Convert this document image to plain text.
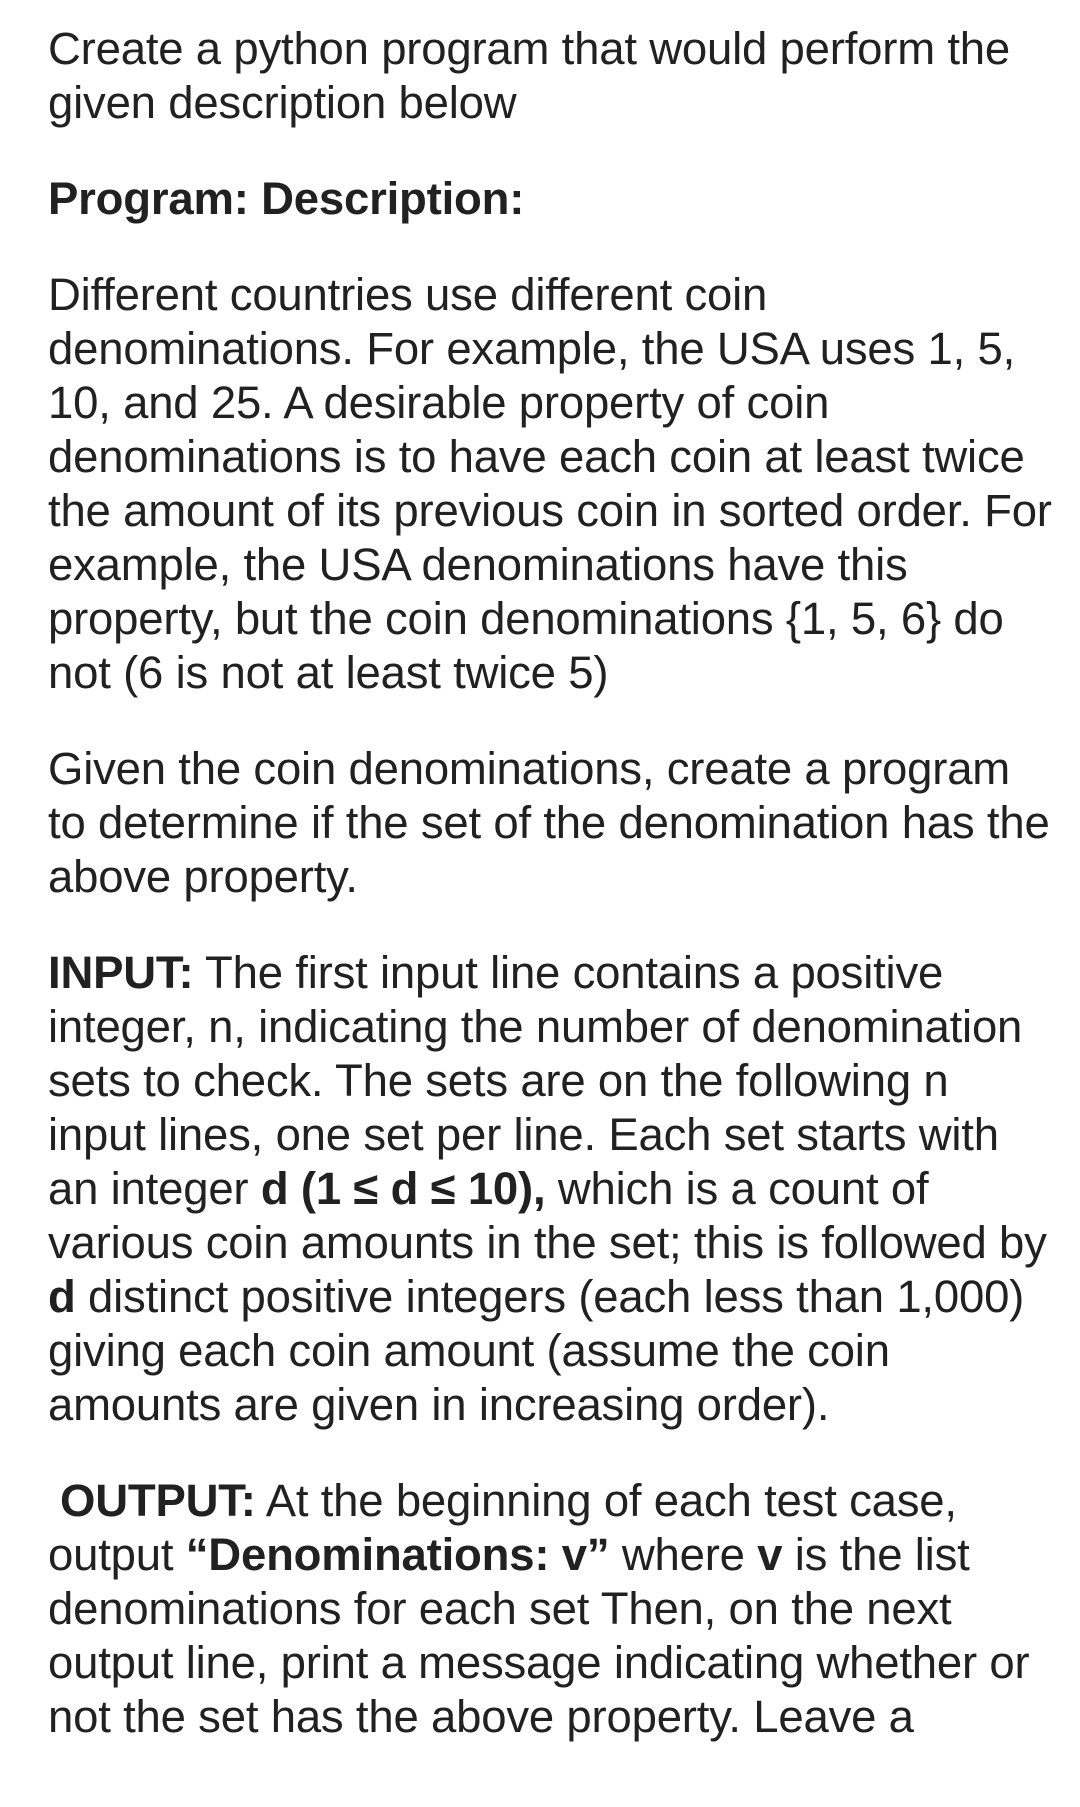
Create a python program that would perform the given description below

Program: Description:

Different countries use different coin denominations. For example, the USA uses 1, 5, 10, and 25. A desirable property of coin denominations is to have each coin at least twice the amount of its previous coin in sorted order. For example, the USA denominations have this property, but the coin denominations {1, 5, 6} do not (6 is not at least twice 5)

Given the coin denominations, create a program to determine if the set of the denomination has the above property.

INPUT: The first input line contains a positive integer, n, indicating the number of denomination sets to check. The sets are on the following n input lines, one set per line. Each set starts with an integer d (1 ≤ d ≤ 10), which is a count of various coin amounts in the set; this is followed by d distinct positive integers (each less than 1,000) giving each coin amount (assume the coin amounts are given in increasing order).

OUTPUT: At the beginning of each test case, output “Denominations: v” where v is the list denominations for each set Then, on the next output line, print a message indicating whether or not the set has the above property. Leave a
